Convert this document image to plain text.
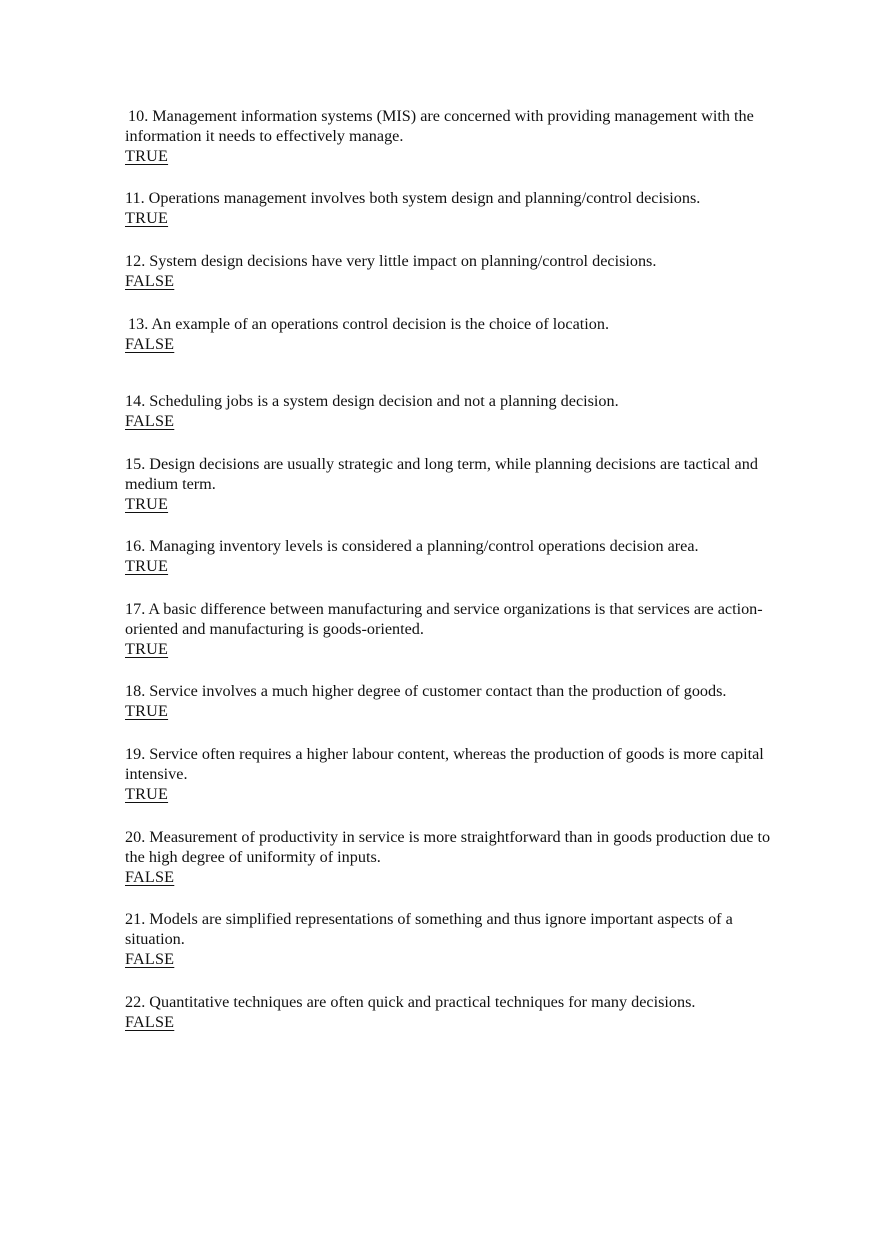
10. Management information systems (MIS) are concerned with providing management with the information it needs to effectively manage.

TRUE

11. Operations management involves both system design and planning/control decisions.

TRUE

12. System design decisions have very little impact on planning/control decisions.

FALSE

13. An example of an operations control decision is the choice of location.

FALSE

14. Scheduling jobs is a system design decision and not a planning decision.

FALSE

15. Design decisions are usually strategic and long term, while planning decisions are tactical and medium term.

TRUE

16. Managing inventory levels is considered a planning/control operations decision area.

TRUE

17. A basic difference between manufacturing and service organizations is that services are action-oriented and manufacturing is goods-oriented.

TRUE

18. Service involves a much higher degree of customer contact than the production of goods.

TRUE

19. Service often requires a higher labour content, whereas the production of goods is more capital intensive.

TRUE

20. Measurement of productivity in service is more straightforward than in goods production due to the high degree of uniformity of inputs.

FALSE

21. Models are simplified representations of something and thus ignore important aspects of a situation.

FALSE

22. Quantitative techniques are often quick and practical techniques for many decisions.

FALSE
